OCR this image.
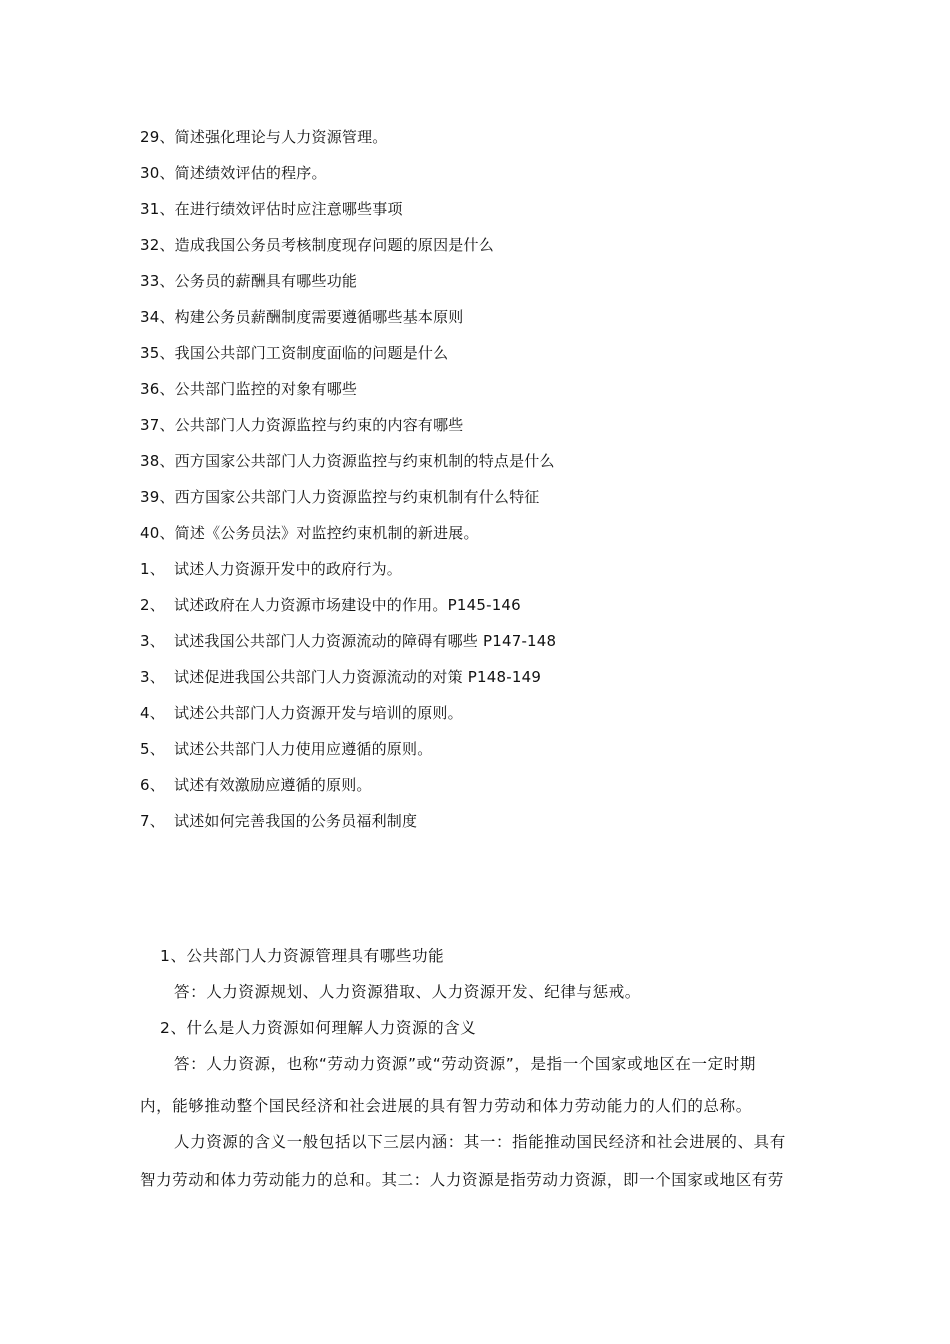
29、简述强化理论与人力资源管理。
30、简述绩效评估的程序。
31、在进行绩效评估时应注意哪些事项
32、造成我国公务员考核制度现存问题的原因是什么
33、公务员的薪酬具有哪些功能
34、构建公务员薪酬制度需要遵循哪些基本原则
35、我国公共部门工资制度面临的问题是什么
36、公共部门监控的对象有哪些
37、公共部门人力资源监控与约束的内容有哪些
38、西方国家公共部门人力资源监控与约束机制的特点是什么
39、西方国家公共部门人力资源监控与约束机制有什么特征
40、简述《公务员法》对监控约束机制的新进展。
1、 试述人力资源开发中的政府行为。
2、 试述政府在人力资源市场建设中的作用。P145-146
3、 试述我国公共部门人力资源流动的障碍有哪些 P147-148
3、 试述促进我国公共部门人力资源流动的对策 P148-149
4、 试述公共部门人力资源开发与培训的原则。
5、 试述公共部门人力使用应遵循的原则。
6、 试述有效激励应遵循的原则。
7、 试述如何完善我国的公务员福利制度
1、公共部门人力资源管理具有哪些功能
答：人力资源规划、人力资源猎取、人力资源开发、纪律与惩戒。
2、什么是人力资源如何理解人力资源的含义
答：人力资源，也称“劳动力资源”或“劳动资源”，是指一个国家或地区在一定时期
内，能够推动整个国民经济和社会进展的具有智力劳动和体力劳动能力的人们的总称。
人力资源的含义一般包括以下三层内涵：其一：指能推动国民经济和社会进展的、具有
智力劳动和体力劳动能力的总和。其二：人力资源是指劳动力资源，即一个国家或地区有劳
